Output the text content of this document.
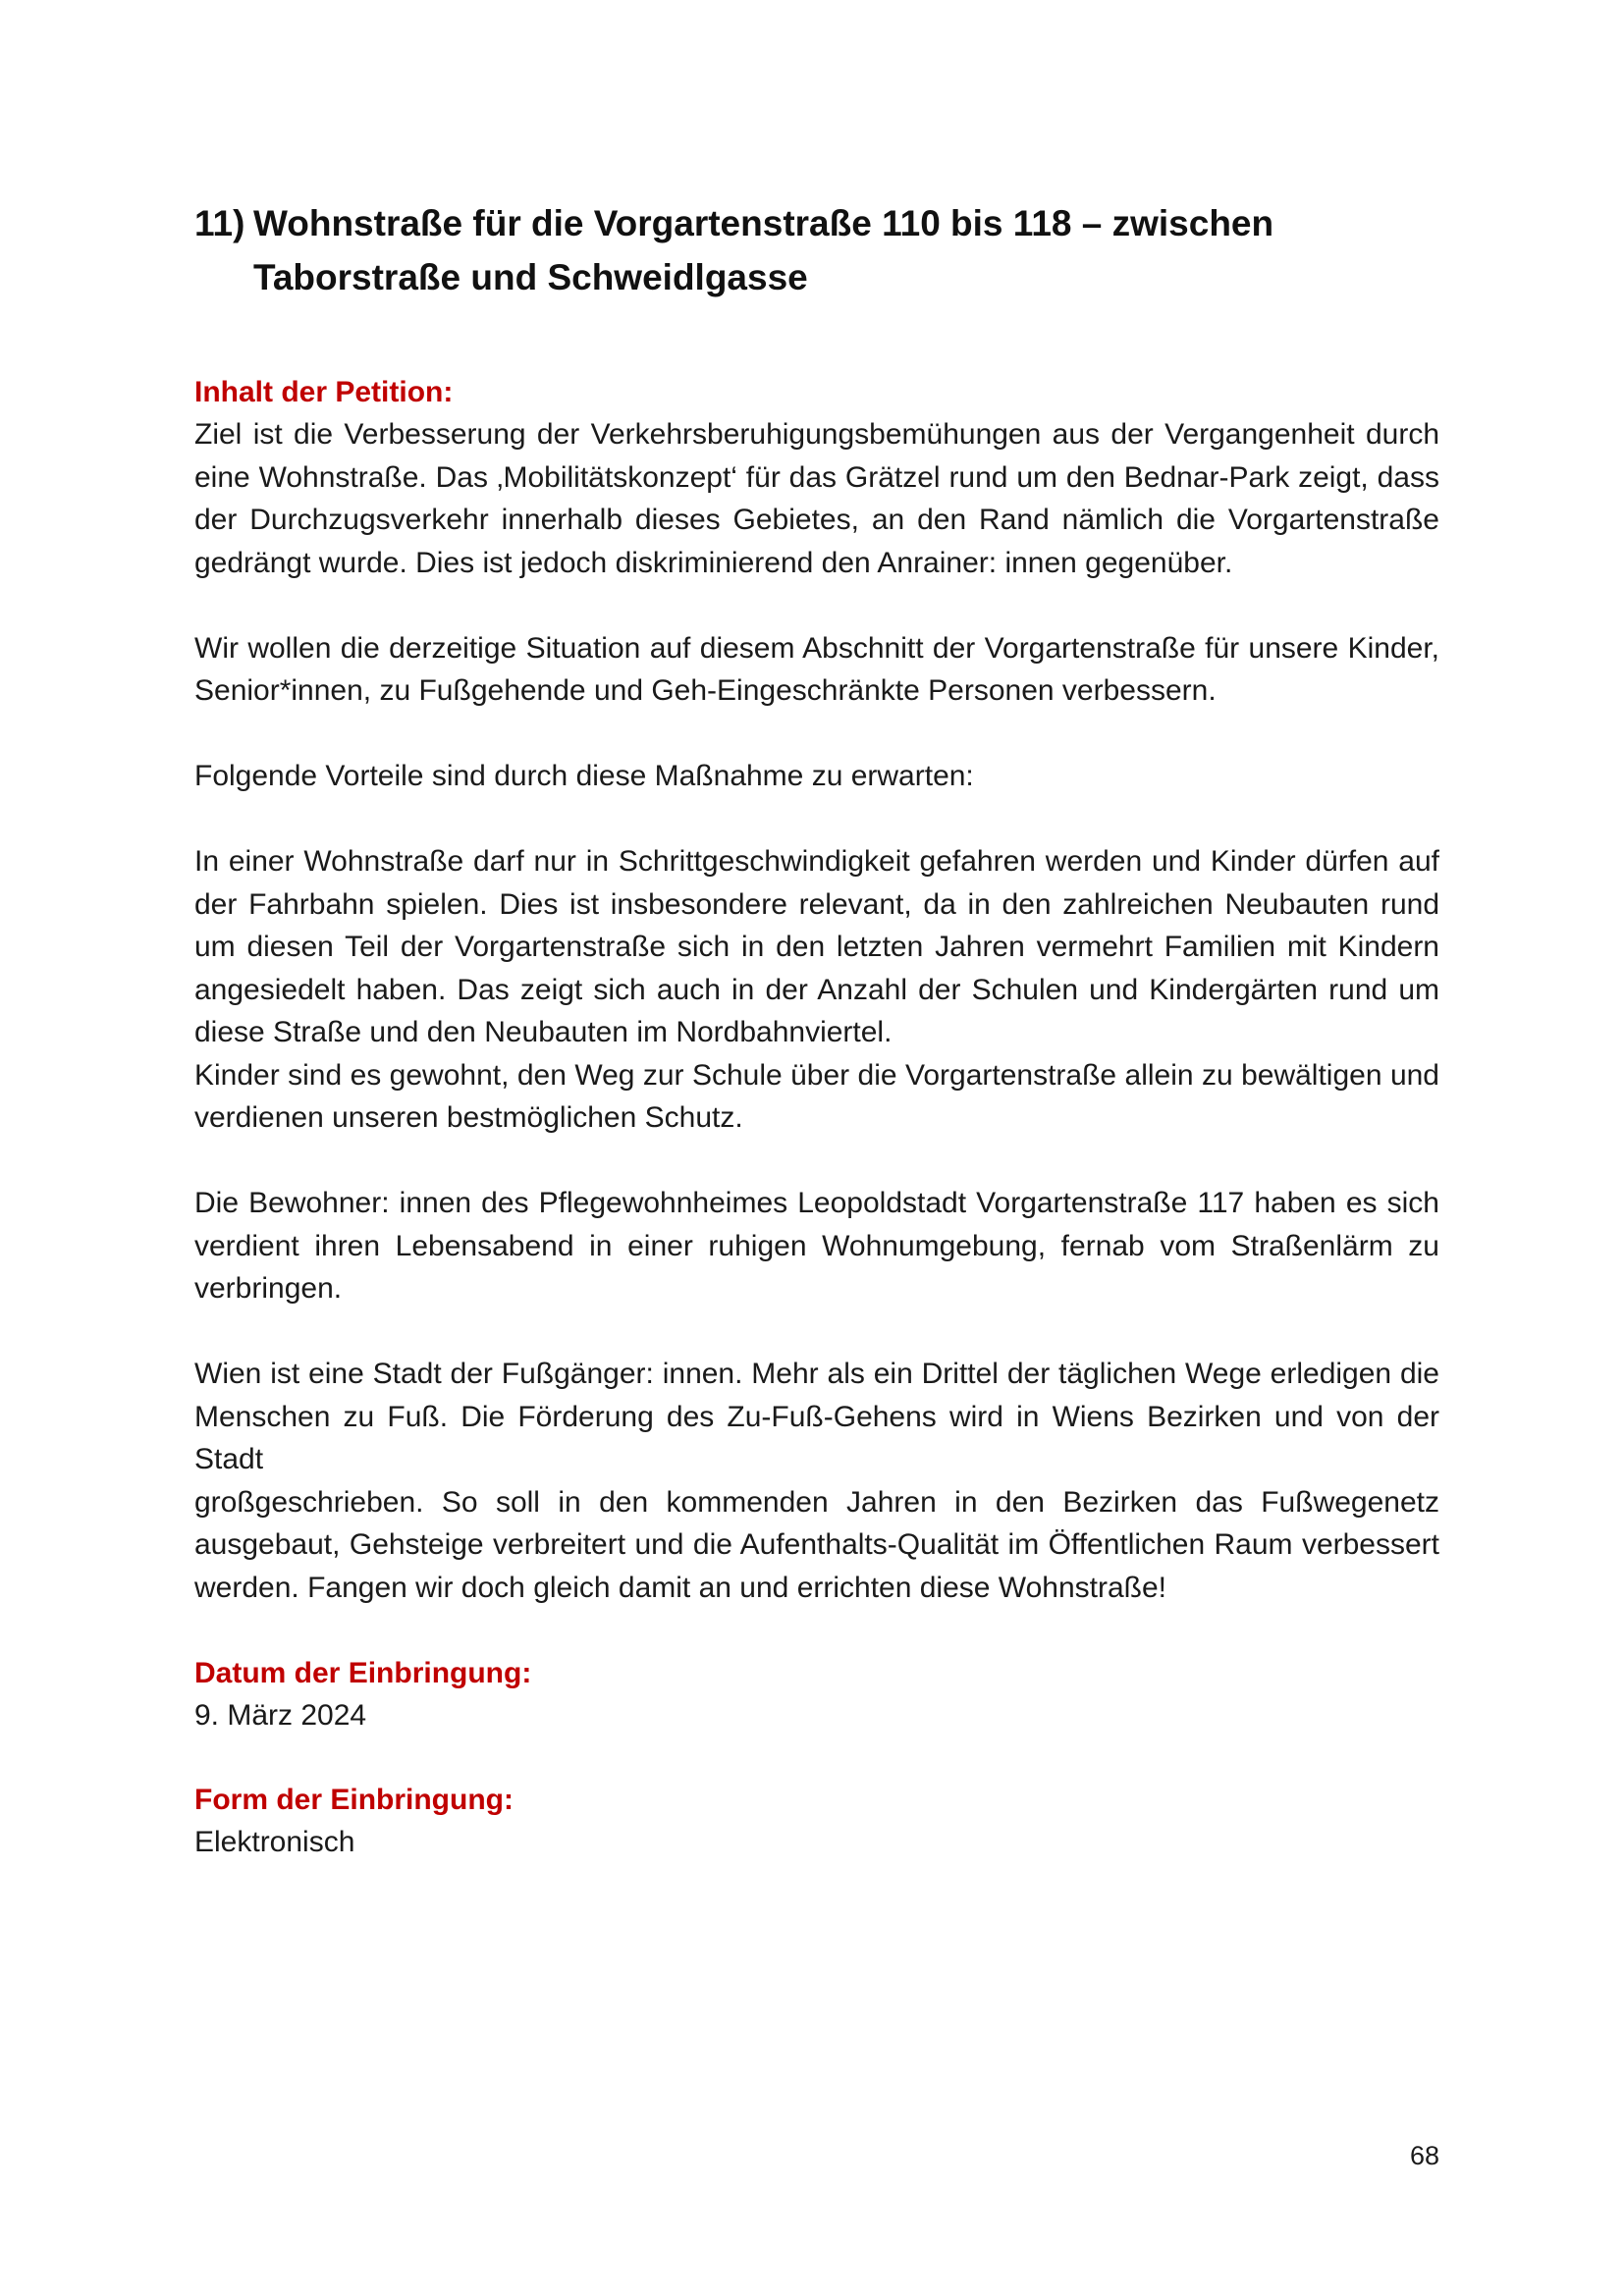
11) Wohnstraße für die Vorgartenstraße 110 bis 118 – zwischen Taborstraße und Schweidlgasse
Inhalt der Petition:

Ziel ist die Verbesserung der Verkehrsberuhigungsbemühungen aus der Vergangenheit durch eine Wohnstraße. Das ‚Mobilitätskonzept‘ für das Grätzel rund um den Bednar-Park zeigt, dass der Durchzugsverkehr innerhalb dieses Gebietes, an den Rand nämlich die Vorgartenstraße gedrängt wurde. Dies ist jedoch diskriminierend den Anrainer: innen gegenüber.

Wir wollen die derzeitige Situation auf diesem Abschnitt der Vorgartenstraße für unsere Kinder, Senior*innen, zu Fußgehende und Geh-Eingeschränkte Personen verbessern.

Folgende Vorteile sind durch diese Maßnahme zu erwarten:

In einer Wohnstraße darf nur in Schrittgeschwindigkeit gefahren werden und Kinder dürfen auf der Fahrbahn spielen. Dies ist insbesondere relevant, da in den zahlreichen Neubauten rund um diesen Teil der Vorgartenstraße sich in den letzten Jahren vermehrt Familien mit Kindern angesiedelt haben. Das zeigt sich auch in der Anzahl der Schulen und Kindergärten rund um diese Straße und den Neubauten im Nordbahnviertel.

Kinder sind es gewohnt, den Weg zur Schule über die Vorgartenstraße allein zu bewältigen und verdienen unseren bestmöglichen Schutz.

Die Bewohner: innen des Pflegewohnheimes Leopoldstadt Vorgartenstraße 117 haben es sich verdient ihren Lebensabend in einer ruhigen Wohnumgebung, fernab vom Straßenlärm zu verbringen.

Wien ist eine Stadt der Fußgänger: innen. Mehr als ein Drittel der täglichen Wege erledigen die Menschen zu Fuß. Die Förderung des Zu-Fuß-Gehens wird in Wiens Bezirken und von der Stadt

großgeschrieben. So soll in den kommenden Jahren in den Bezirken das Fußwegenetz ausgebaut, Gehsteige verbreitert und die Aufenthalts-Qualität im Öffentlichen Raum verbessert werden. Fangen wir doch gleich damit an und errichten diese Wohnstraße!

Datum der Einbringung:
9. März 2024
Form der Einbringung:
Elektronisch
68
